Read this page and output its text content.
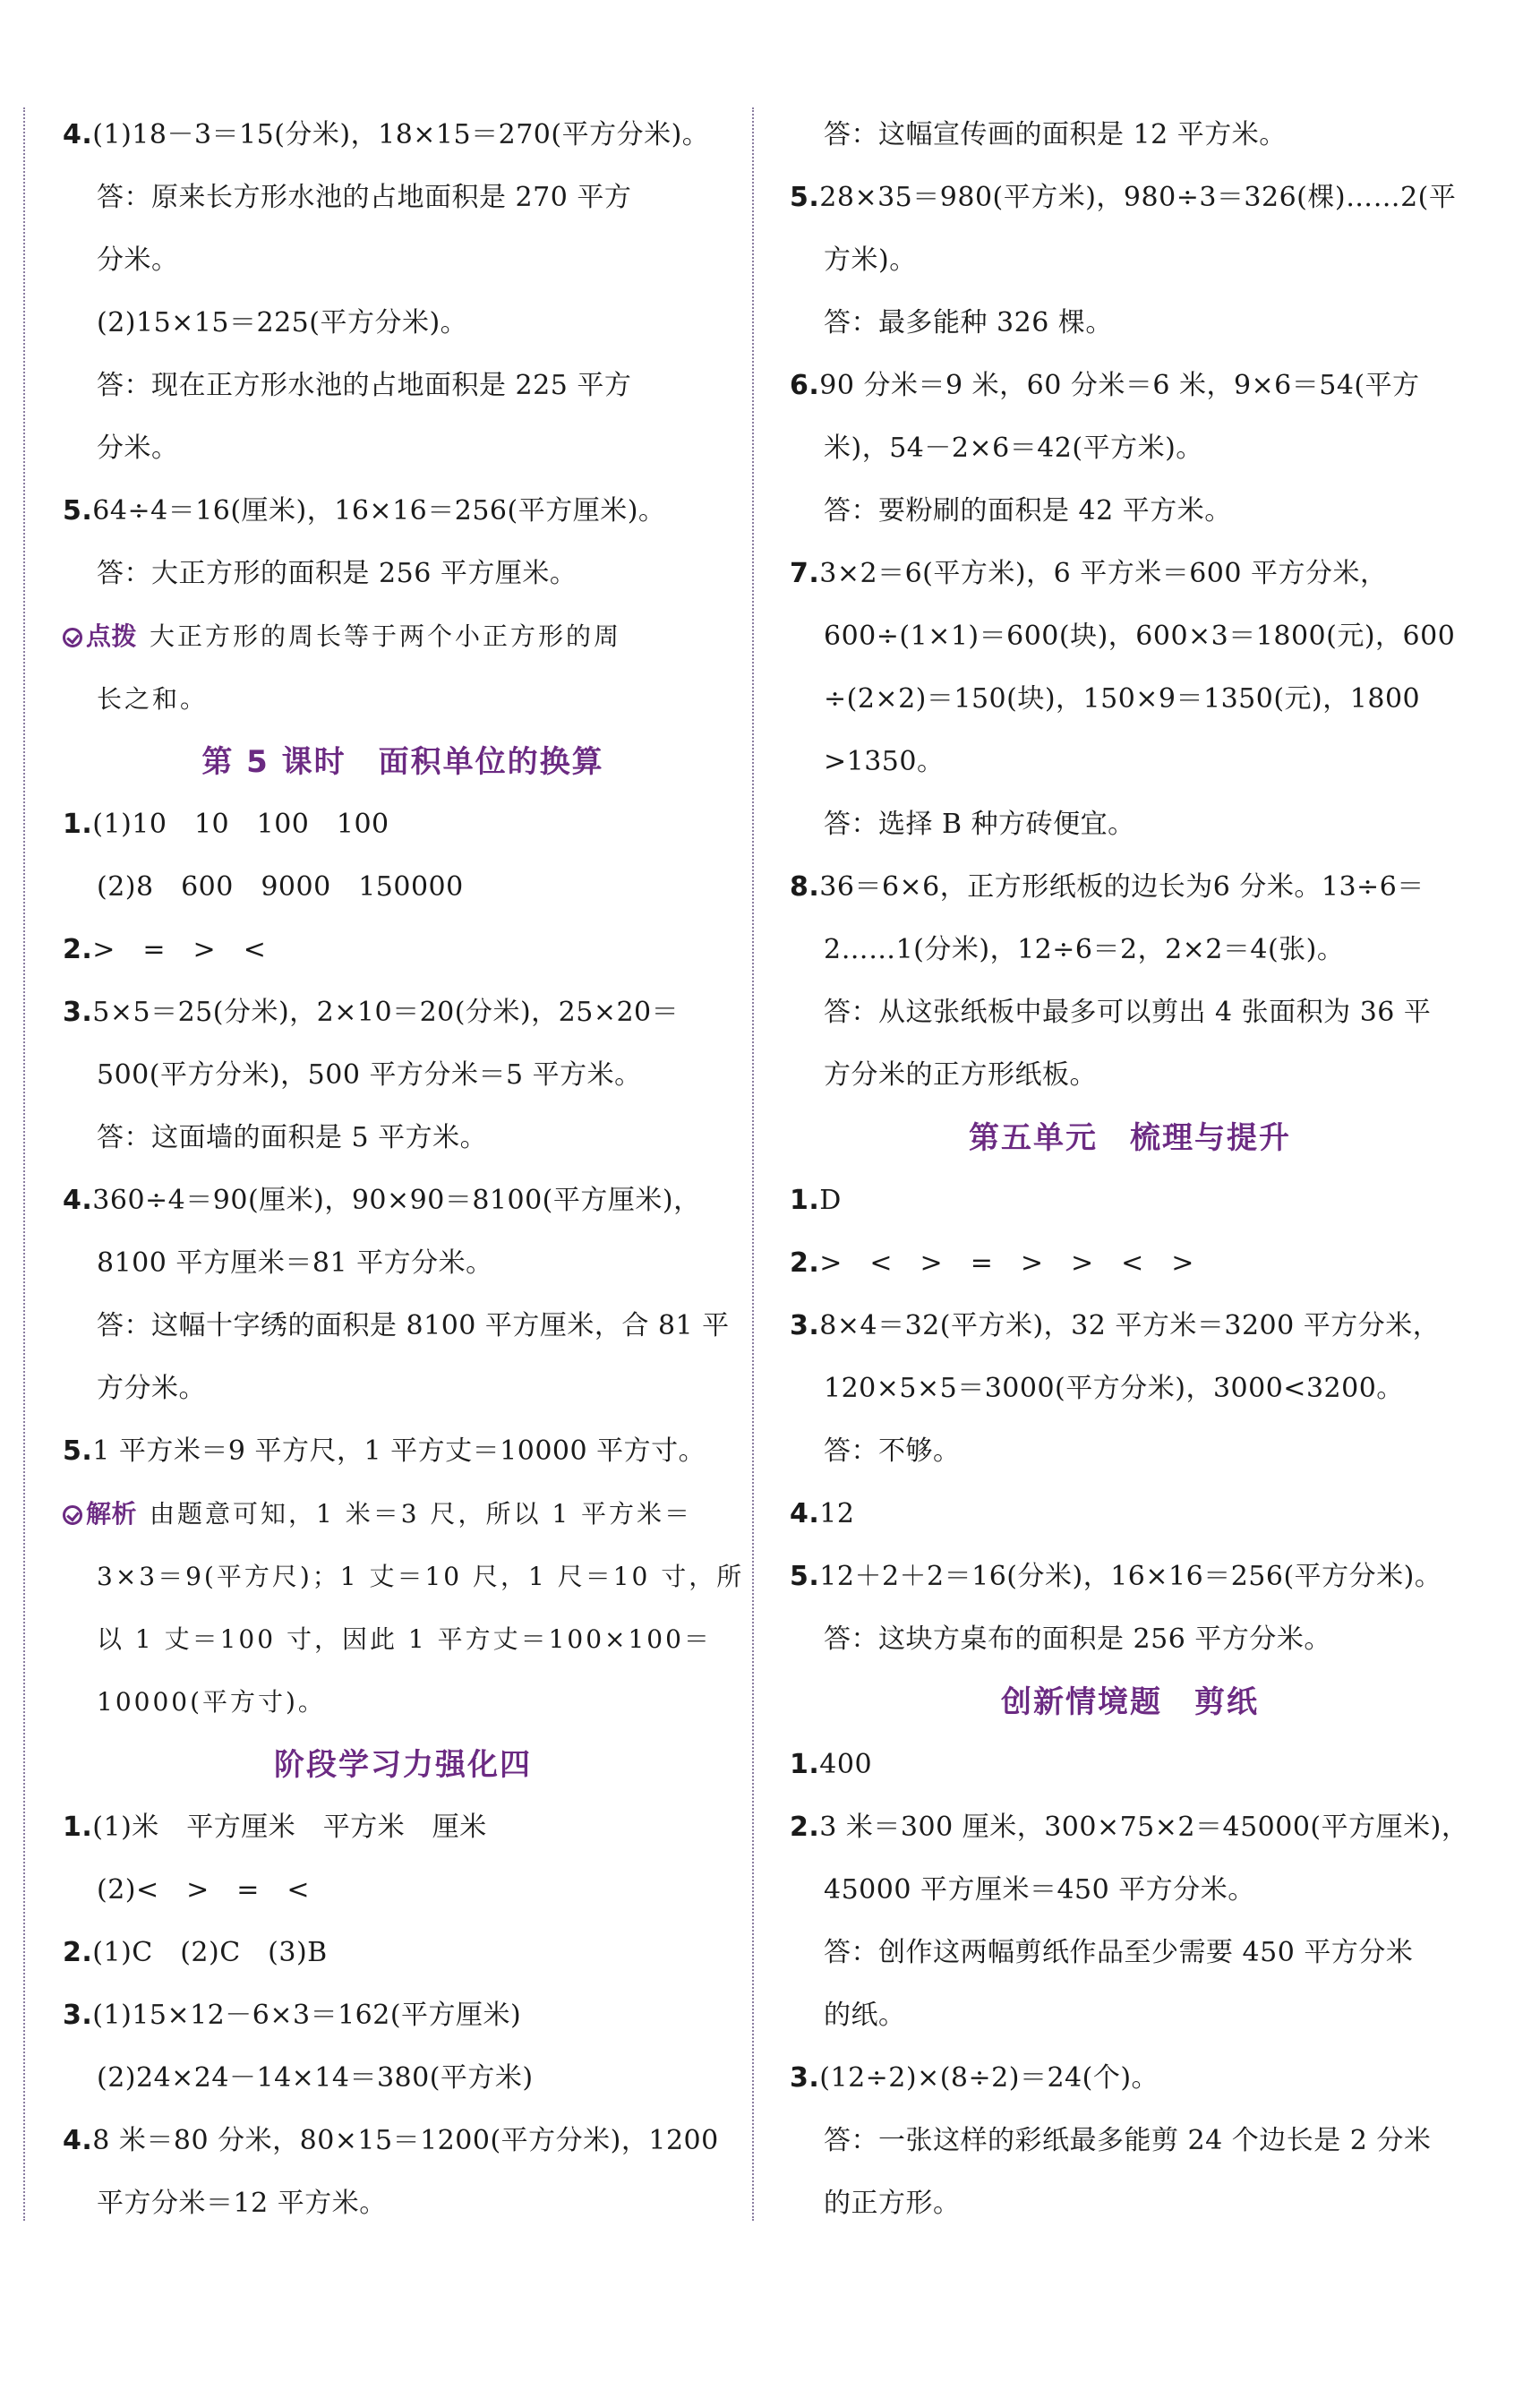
4.(1)18－3＝15(分米)，18×15＝270(平方分米)。
答：原来长方形水池的占地面积是 270 平方
分米。
(2)15×15＝225(平方分米)。
答：现在正方形水池的占地面积是 225 平方
分米。
5.64÷4＝16(厘米)，16×16＝256(平方厘米)。
答：大正方形的面积是 256 平方厘米。
点拨 大正方形的周长等于两个小正方形的周
长之和。
第 5 课时　面积单位的换算
1.(1)10　10　100　100
(2)8　600　9000　150000
2.>　=　>　<
3.5×5＝25(分米)，2×10＝20(分米)，25×20＝
500(平方分米)，500 平方分米＝5 平方米。
答：这面墙的面积是 5 平方米。
4.360÷4＝90(厘米)，90×90＝8100(平方厘米)，
8100 平方厘米＝81 平方分米。
答：这幅十字绣的面积是 8100 平方厘米，合 81 平
方分米。
5.1 平方米＝9 平方尺，1 平方丈＝10000 平方寸。
解析 由题意可知，1 米＝3 尺，所以 1 平方米＝
3×3＝9(平方尺)；1 丈＝10 尺，1 尺＝10 寸，所
以 1 丈＝100 寸，因此 1 平方丈＝100×100＝
10000(平方寸)。
阶段学习力强化四
1.(1)米　平方厘米　平方米　厘米
(2)<　>　=　<
2.(1)C　(2)C　(3)B
3.(1)15×12－6×3＝162(平方厘米)
(2)24×24－14×14＝380(平方米)
4.8 米＝80 分米，80×15＝1200(平方分米)，1200
平方分米＝12 平方米。
答：这幅宣传画的面积是 12 平方米。
5.28×35＝980(平方米)，980÷3＝326(棵)……2(平
方米)。
答：最多能种 326 棵。
6.90 分米＝9 米，60 分米＝6 米，9×6＝54(平方
米)，54－2×6＝42(平方米)。
答：要粉刷的面积是 42 平方米。
7.3×2＝6(平方米)，6 平方米＝600 平方分米，
600÷(1×1)＝600(块)，600×3＝1800(元)，600
÷(2×2)＝150(块)，150×9＝1350(元)，1800
>1350。
答：选择 B 种方砖便宜。
8.36＝6×6，正方形纸板的边长为6 分米。13÷6＝
2……1(分米)，12÷6＝2，2×2＝4(张)。
答：从这张纸板中最多可以剪出 4 张面积为 36 平
方分米的正方形纸板。
第五单元　梳理与提升
1.D
2.>　<　>　=　>　>　<　>
3.8×4＝32(平方米)，32 平方米＝3200 平方分米，
120×5×5＝3000(平方分米)，3000<3200。
答：不够。
4.12
5.12＋2＋2＝16(分米)，16×16＝256(平方分米)。
答：这块方桌布的面积是 256 平方分米。
创新情境题　剪纸
1.400
2.3 米＝300 厘米，300×75×2＝45000(平方厘米)，
45000 平方厘米＝450 平方分米。
答：创作这两幅剪纸作品至少需要 450 平方分米
的纸。
3.(12÷2)×(8÷2)＝24(个)。
答：一张这样的彩纸最多能剪 24 个边长是 2 分米
的正方形。
